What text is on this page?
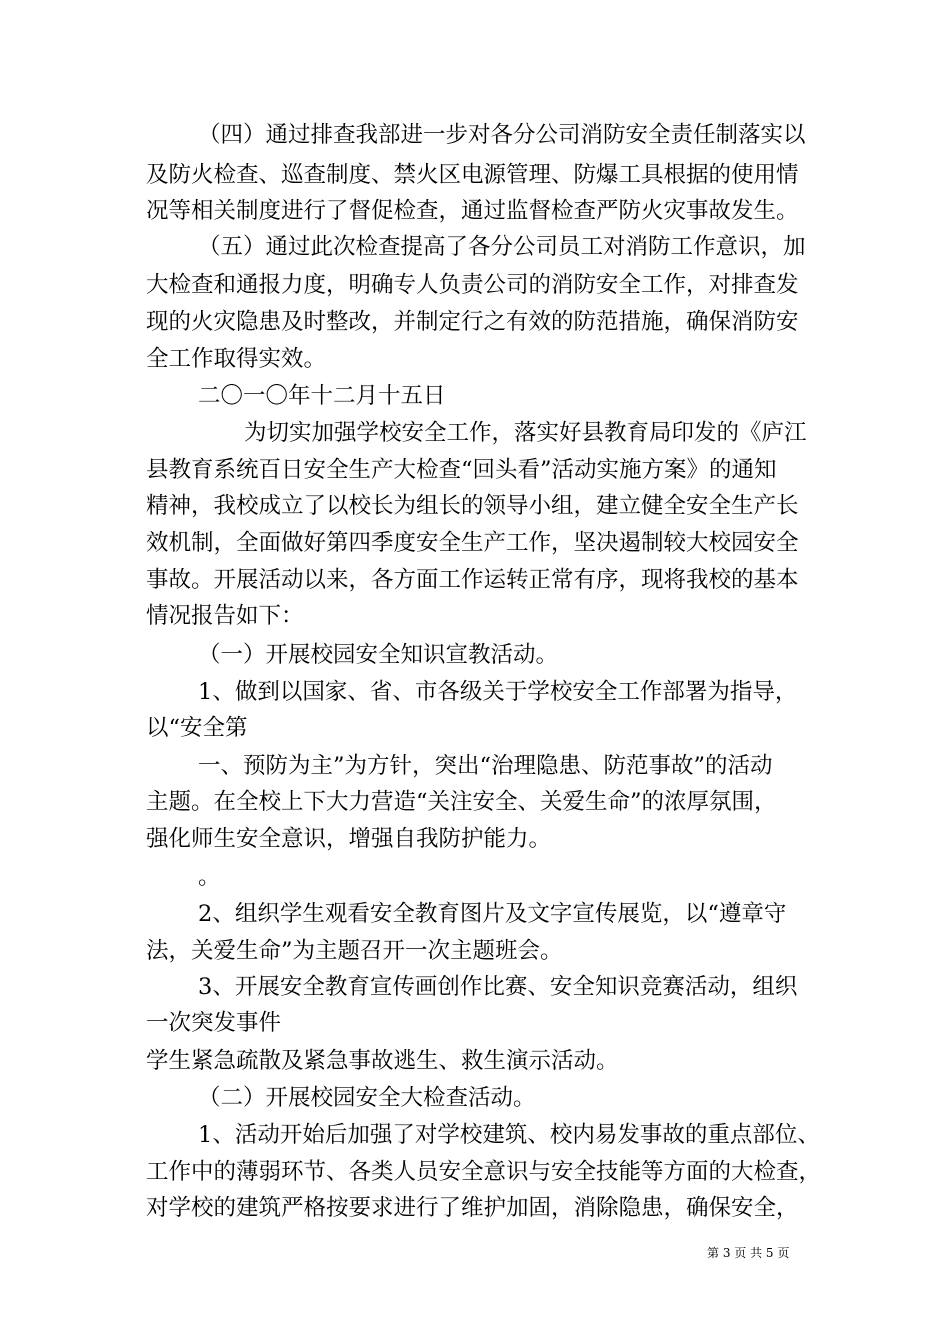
（四）通过排查我部进一步对各分公司消防安全责任制落实以
及防火检查、巡查制度、禁火区电源管理、防爆工具根据的使用情
况等相关制度进行了督促检查，通过监督检查严防火灾事故发生。
（五）通过此次检查提高了各分公司员工对消防工作意识，加
大检查和通报力度，明确专人负责公司的消防安全工作，对排查发
现的火灾隐患及时整改，并制定行之有效的防范措施，确保消防安
全工作取得实效。
二〇一〇年十二月十五日
为切实加强学校安全工作，落实好县教育局印发的《庐江
县教育系统百日安全生产大检查“回头看”活动实施方案》的通知
精神，我校成立了以校长为组长的领导小组，建立健全安全生产长
效机制，全面做好第四季度安全生产工作，坚决遏制较大校园安全
事故。开展活动以来，各方面工作运转正常有序，现将我校的基本
情况报告如下：
（一）开展校园安全知识宣教活动。
1、做到以国家、省、市各级关于学校安全工作部署为指导，
以“安全第
一、预防为主”为方针，突出“治理隐患、防范事故”的活动
主题。在全校上下大力营造“关注安全、关爱生命”的浓厚氛围，
强化师生安全意识，增强自我防护能力。
。
2、组织学生观看安全教育图片及文字宣传展览，以“遵章守
法，关爱生命”为主题召开一次主题班会。
3、开展安全教育宣传画创作比赛、安全知识竞赛活动，组织
一次突发事件
学生紧急疏散及紧急事故逃生、救生演示活动。
（二）开展校园安全大检查活动。
1、活动开始后加强了对学校建筑、校内易发事故的重点部位、
工作中的薄弱环节、各类人员安全意识与安全技能等方面的大检查，
对学校的建筑严格按要求进行了维护加固，消除隐患，确保安全，
第 3 页 共 5 页
